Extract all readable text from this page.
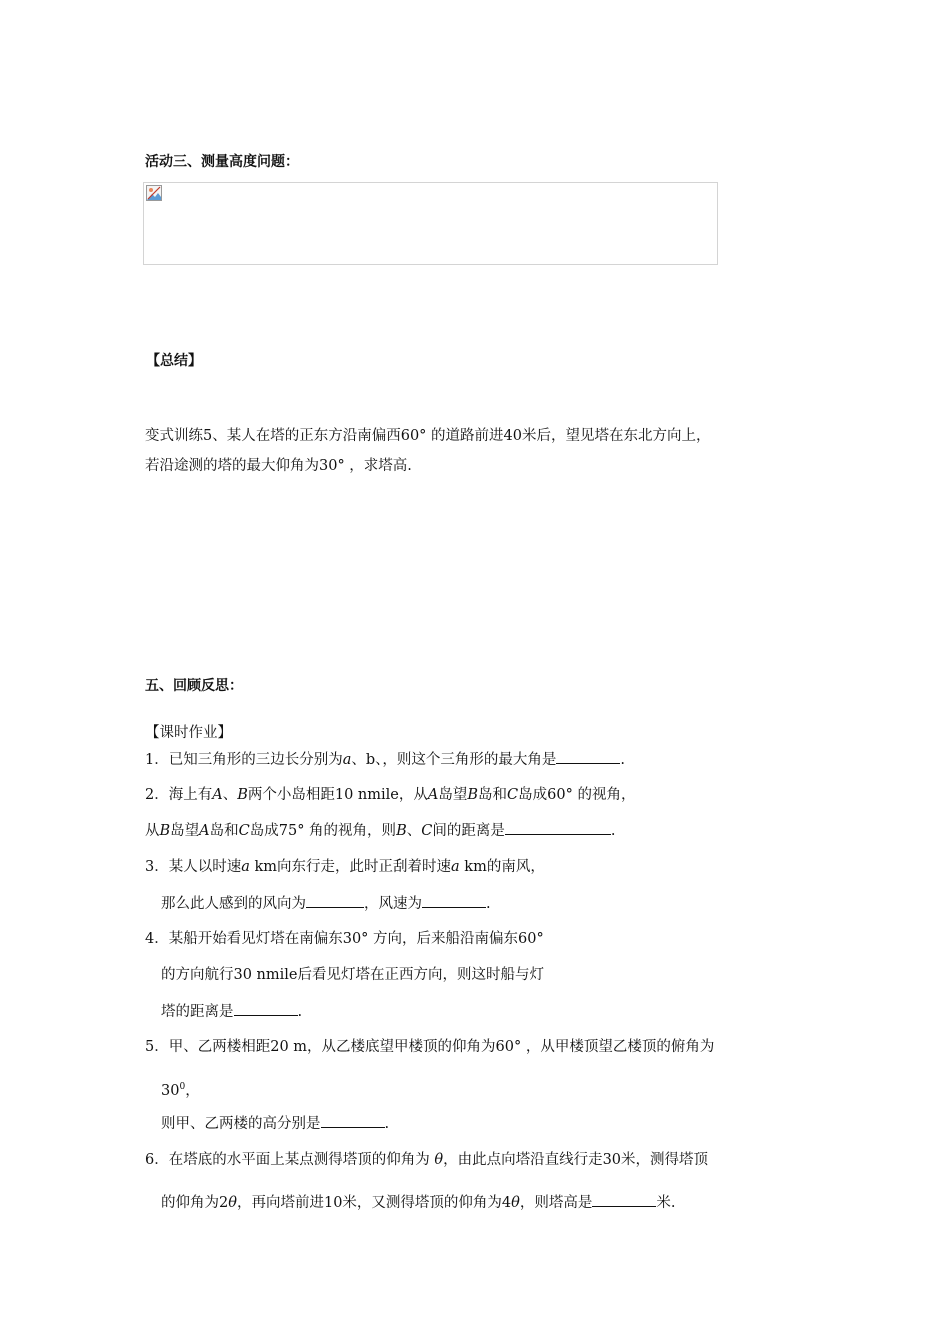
活动三、测量高度问题：
【总结】
变式训练5、某人在塔的正东方沿南偏西60° 的道路前进40米后，望见塔在东北方向上，
若沿途测的塔的最大仰角为30° ，求塔高.
五、回顾反思：
【课时作业】
1．已知三角形的三边长分别为a、b、，则这个三角形的最大角是	.
2．海上有A、B两个小岛相距10 nmile，从A岛望B岛和C岛成60° 的视角，
从B岛望A岛和C岛成75° 角的视角，则B、C间的距离是	.
3．某人以时速a km向东行走，此时正刮着时速a km的南风，
那么此人感到的风向为	，风速为	.
4．某船开始看见灯塔在南偏东30° 方向，后来船沿南偏东60°
的方向航行30 nmile后看见灯塔在正西方向，则这时船与灯
塔的距离是	.
5．甲、乙两楼相距20 m，从乙楼底望甲楼顶的仰角为60° ，从甲楼顶望乙楼顶的俯角为
$30^0$，
则甲、乙两楼的高分别是	.
6．在塔底的水平面上某点测得塔顶的仰角为 θ，由此点向塔沿直线行走30米，测得塔顶
的仰角为2θ，再向塔前进10米，又测得塔顶的仰角为4θ，则塔高是	米.
